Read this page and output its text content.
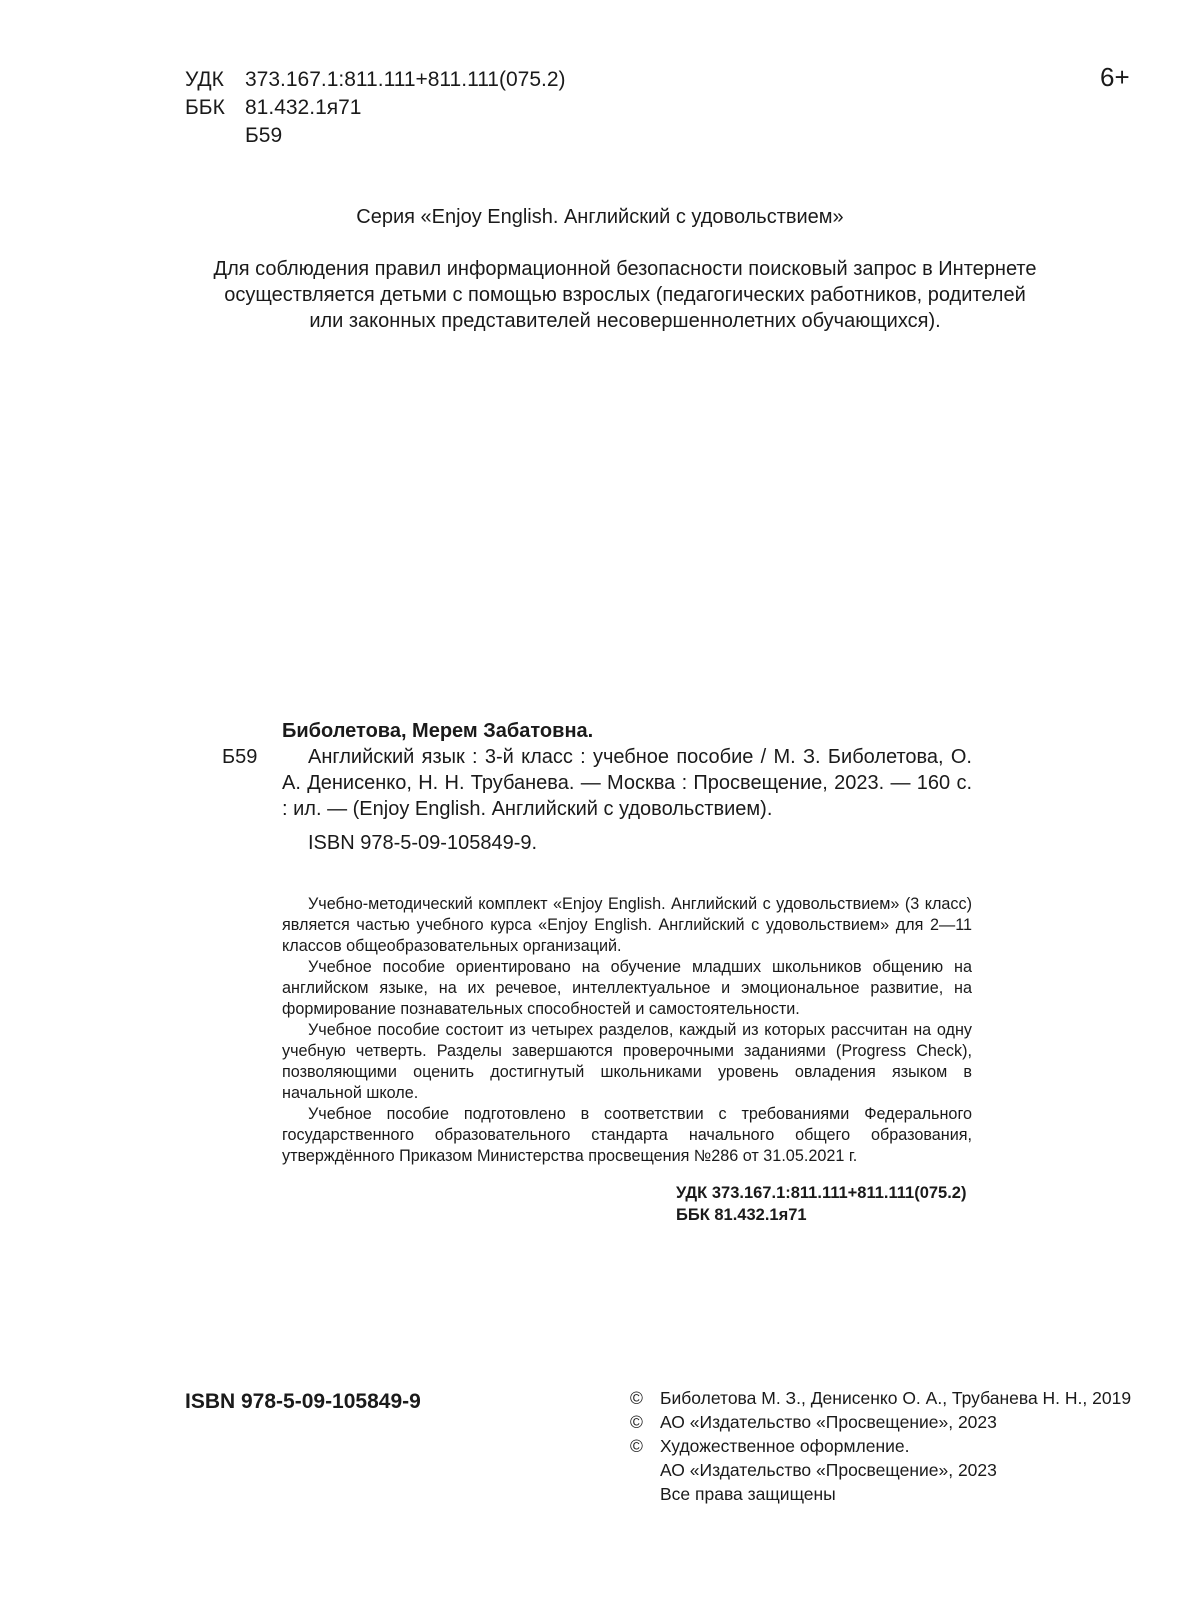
УДК	373.167.1:811.111+811.111(075.2)
ББК 81.432.1я71
Б59
6+
Серия «Enjoy English. Английский с удовольствием»
Для соблюдения правил информационной безопасности поисковый запрос в Интернете
осуществляется детьми с помощью взрослых (педагогических работников, родителей
или законных представителей несовершеннолетних обучающихся).
Б59
Биболетова, Мерем Забатовна.
Английский язык : 3-й класс : учебное пособие / М. З. Биболетова, О. А. Денисенко, Н. Н. Трубанева. — Москва : Просвещение, 2023. — 160 с. : ил. — (Enjoy English. Английский с удовольствием).
ISBN 978-5-09-105849-9.

Учебно-методический комплект «Enjoy English. Английский с удовольствием» (3 класс) является частью учебного курса «Enjoy English. Английский с удовольствием» для 2—11 классов общеобразовательных организаций.

Учебное пособие ориентировано на обучение младших школьников общению на английском языке, на их речевое, интеллектуальное и эмоциональное развитие, на формирование познавательных способностей и самостоятельности.

Учебное пособие состоит из четырех разделов, каждый из которых рассчитан на одну учебную четверть. Разделы завершаются проверочными заданиями (Progress Check), позволяющими оценить достигнутый школьниками уровень овладения языком в начальной школе.

Учебное пособие подготовлено в соответствии с требованиями Федерального государственного образовательного стандарта начального общего образования, утверждённого Приказом Министерства просвещения №286 от 31.05.2021 г.

УДК 373.167.1:811.111+811.111(075.2)
ББК 81.432.1я71
ISBN 978-5-09-105849-9	© Биболетова М. З., Денисенко О. А., Трубанева Н. Н., 2019
© АО «Издательство «Просвещение», 2023
© Художественное оформление.
АО «Издательство «Просвещение», 2023
Все права защищены
